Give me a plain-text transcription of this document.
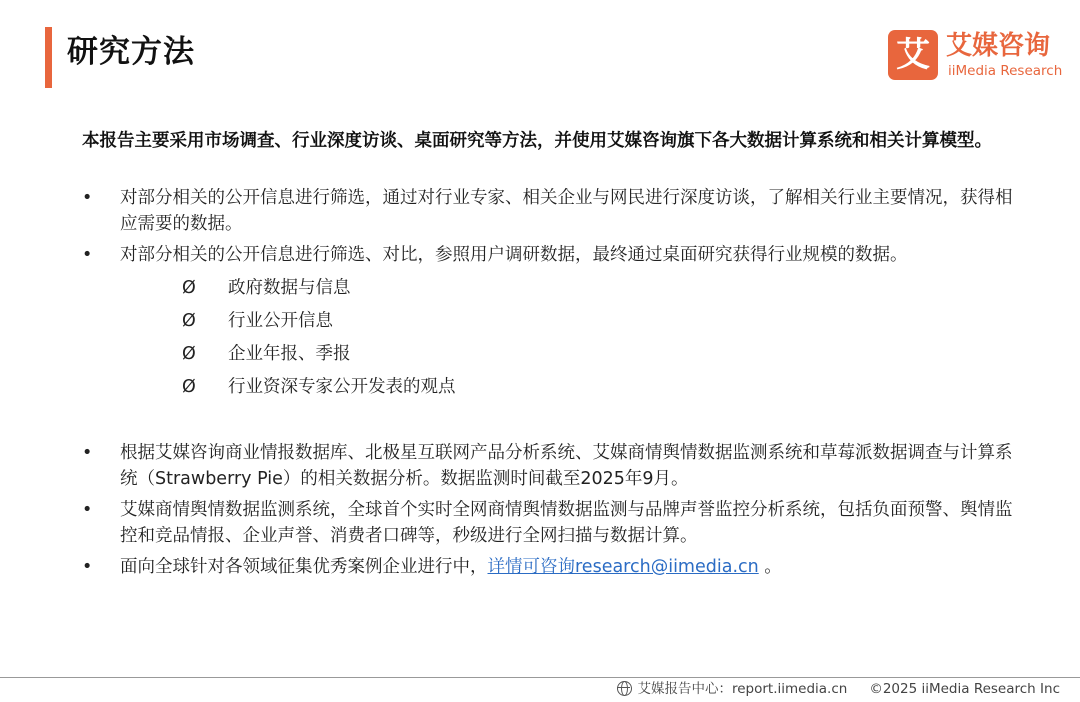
研究方法	艾 艾媒咨询
iiMedia Research
本报告主要采用市场调查、行业深度访谈、桌面研究等方法，并使用艾媒咨询旗下各大数据计算系统和相关计算模型。
•	对部分相关的公开信息进行筛选，通过对行业专家、相关企业与网民进行深度访谈，了解相关行业主要情况，获得相应需要的数据。
•	对部分相关的公开信息进行筛选、对比，参照用户调研数据，最终通过桌面研究获得行业规模的数据。
Ø 政府数据与信息
Ø 行业公开信息
Ø 企业年报、季报
Ø 行业资深专家公开发表的观点
•	根据艾媒咨询商业情报数据库、北极星互联网产品分析系统、艾媒商情舆情数据监测系统和草莓派数据调查与计算系统（Strawberry Pie）的相关数据分析。数据监测时间截至2025年9月。
•	艾媒商情舆情数据监测系统，全球首个实时全网商情舆情数据监测与品牌声誉监控分析系统，包括负面预警、舆情监控和竞品情报、企业声誉、消费者口碑等，秒级进行全网扫描与数据计算。
•	面向全球针对各领域征集优秀案例企业进行中，详情可咨询research@iimedia.cn 。
艾媒报告中心：report.iimedia.cn ©2025 iiMedia Research Inc
